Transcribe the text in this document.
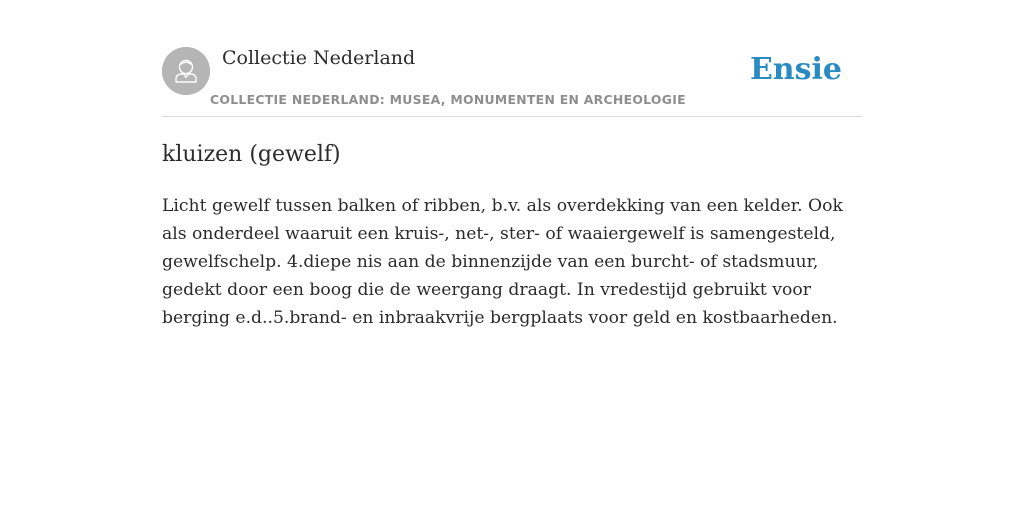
Collectie Nederland
COLLECTIE NEDERLAND: MUSEA, MONUMENTEN EN ARCHEOLOGIE
Ensie
kluizen (gewelf)

Licht gewelf tussen balken of ribben, b.v. als overdekking van een kelder. Ook als onderdeel waaruit een kruis-, net-, ster- of waaiergewelf is samengesteld, gewelfschelp. 4.diepe nis aan de binnenzijde van een burcht- of stadsmuur, gedekt door een boog die de weergang draagt. In vredestijd gebruikt voor berging e.d..5.brand- en inbraakvrije bergplaats voor geld en kostbaarheden.
